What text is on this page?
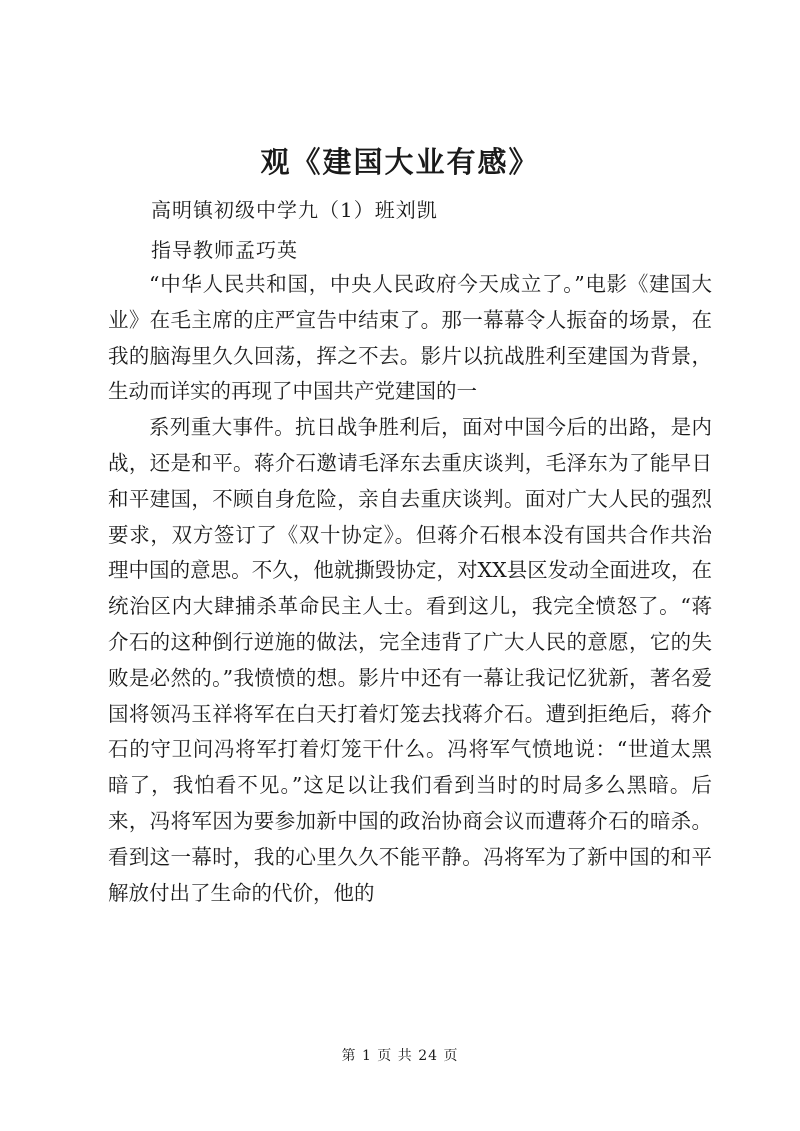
观《建国大业有感》
高明镇初级中学九（1）班刘凯
指导教师孟巧英

“中华人民共和国，中央人民政府今天成立了。”电影《建国大业》在毛主席的庄严宣告中结束了。那一幕幕令人振奋的场景，在我的脑海里久久回荡，挥之不去。影片以抗战胜利至建国为背景，生动而详实的再现了中国共产党建国的一

系列重大事件。抗日战争胜利后，面对中国今后的出路，是内战，还是和平。蒋介石邀请毛泽东去重庆谈判，毛泽东为了能早日和平建国，不顾自身危险，亲自去重庆谈判。面对广大人民的强烈要求，双方签订了《双十协定》。但蒋介石根本没有国共合作共治理中国的意思。不久，他就撕毁协定，对XX县区发动全面进攻，在统治区内大肆捕杀革命民主人士。看到这儿，我完全愤怒了。“蒋介石的这种倒行逆施的做法，完全违背了广大人民的意愿，它的失败是必然的。”我愤愤的想。影片中还有一幕让我记忆犹新，著名爱国将领冯玉祥将军在白天打着灯笼去找蒋介石。遭到拒绝后，蒋介石的守卫问冯将军打着灯笼干什么。冯将军气愤地说：“世道太黑暗了，我怕看不见。”这足以让我们看到当时的时局多么黑暗。后来，冯将军因为要参加新中国的政治协商会议而遭蒋介石的暗杀。看到这一幕时，我的心里久久不能平静。冯将军为了新中国的和平解放付出了生命的代价，他的

第 1 页 共 24 页
